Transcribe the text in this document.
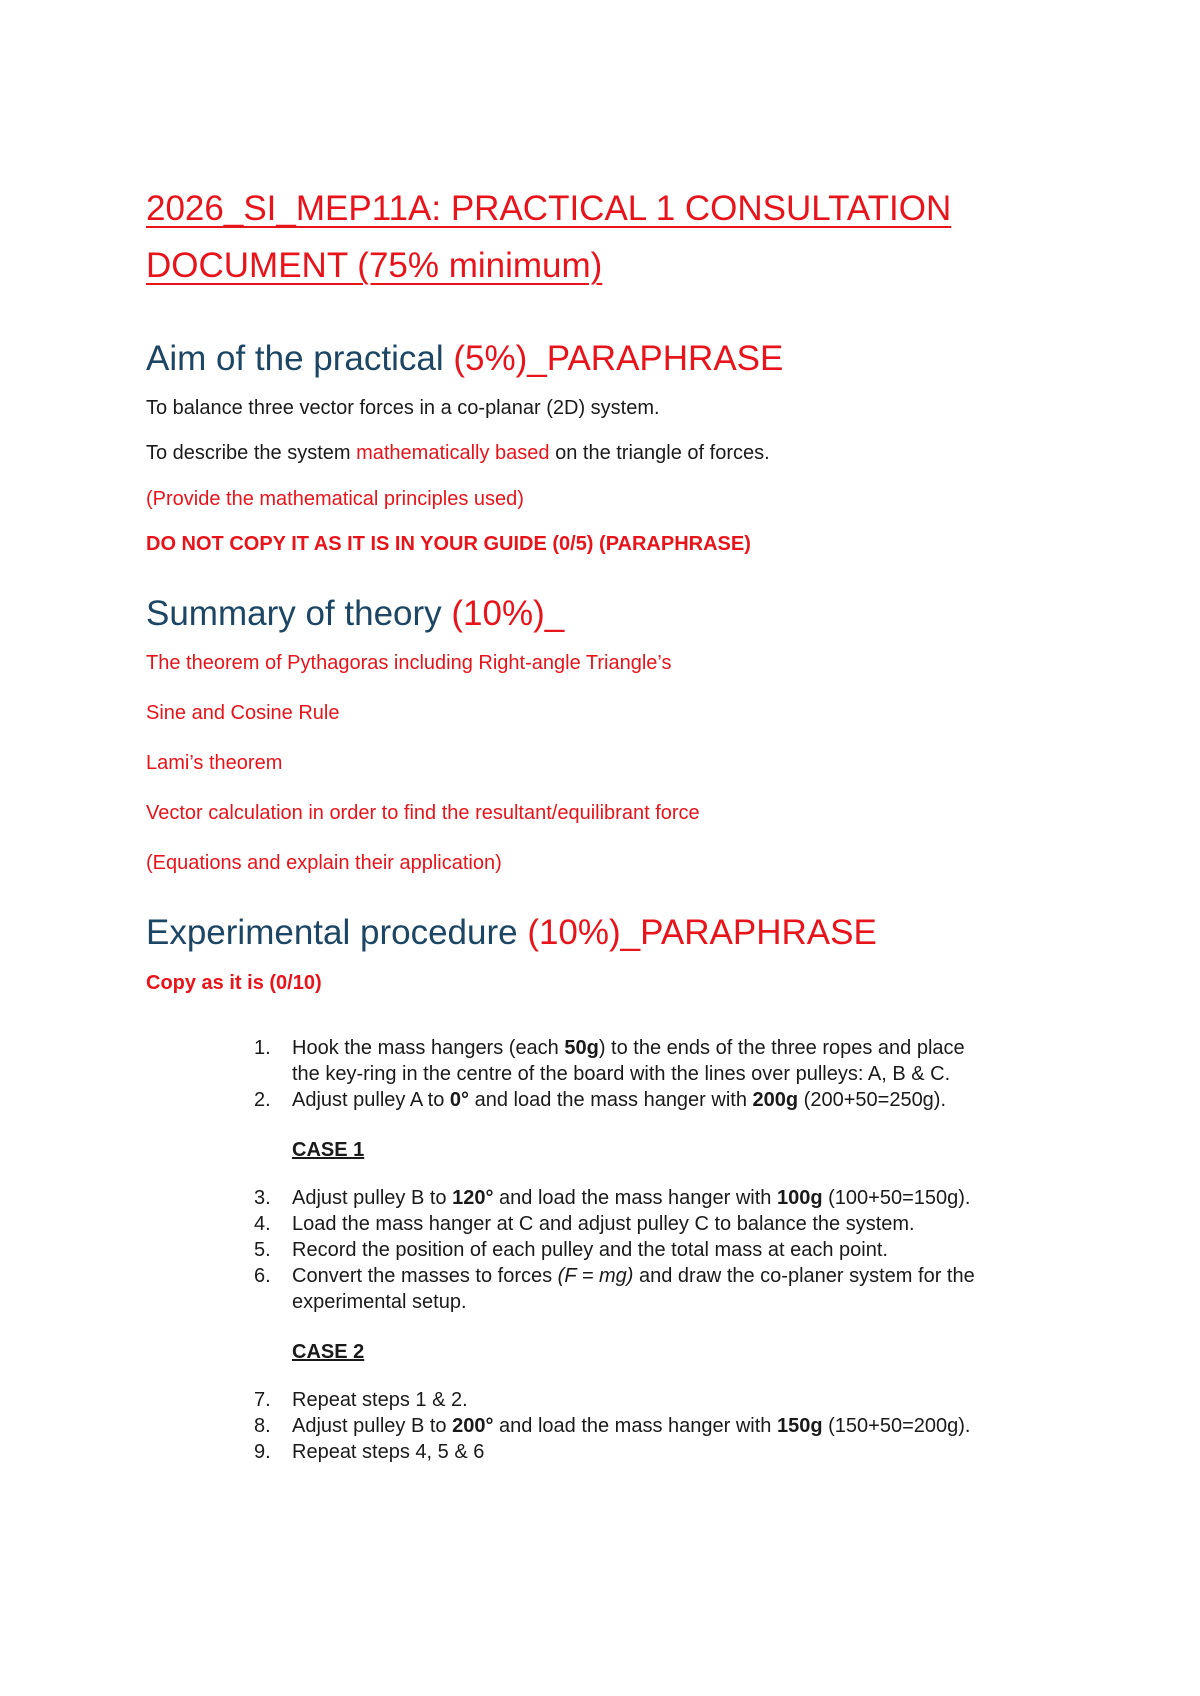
2026_SI_MEP11A: PRACTICAL 1 CONSULTATION

DOCUMENT (75% minimum)

Aim of the practical (5%)_PARAPHRASE

To balance three vector forces in a co-planar (2D) system.

To describe the system mathematically based on the triangle of forces.

(Provide the mathematical principles used)

DO NOT COPY IT AS IT IS IN YOUR GUIDE (0/5) (PARAPHRASE)

Summary of theory (10%)_

The theorem of Pythagoras including Right-angle Triangle’s

Sine and Cosine Rule

Lami’s theorem

Vector calculation in order to find the resultant/equilibrant force

(Equations and explain their application)

Experimental procedure (10%)_PARAPHRASE

Copy as it is (0/10)

1.	Hook the mass hangers (each 50g) to the ends of the three ropes and place
the key-ring in the centre of the board with the lines over pulleys: A, B & C.
2.	Adjust pulley A to 0° and load the mass hanger with 200g (200+50=250g).
CASE 1
3.	Adjust pulley B to 120° and load the mass hanger with 100g (100+50=150g).
4.	Load the mass hanger at C and adjust pulley C to balance the system.
5.	Record the position of each pulley and the total mass at each point.
6.	Convert the masses to forces (F = mg) and draw the co-planer system for the
experimental setup.
CASE 2
7.	Repeat steps 1 & 2.
8.	Adjust pulley B to 200° and load the mass hanger with 150g (150+50=200g).
9.	Repeat steps 4, 5 & 6
